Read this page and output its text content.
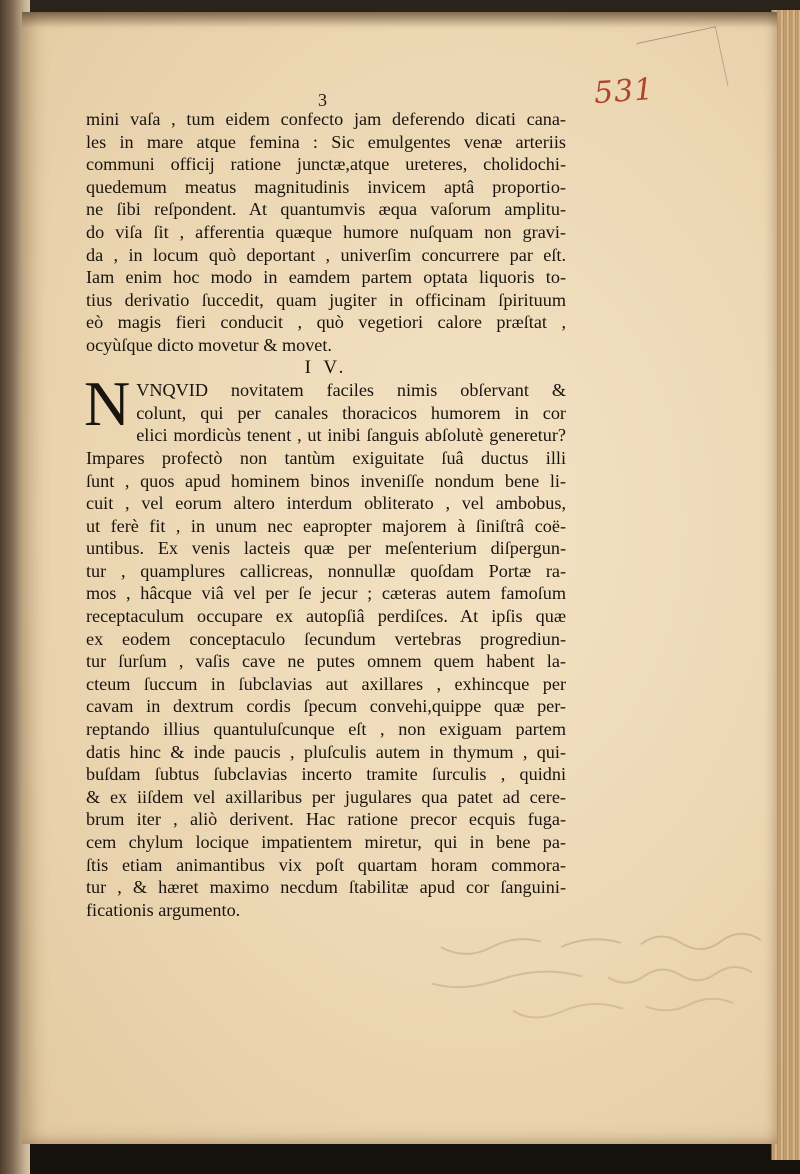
531
3
mini vaſa , tum eidem confecto jam deferendo dicati cana-
les in mare atque femina : Sic emulgentes venæ arteriis
communi officij ratione junctæ,atque ureteres, cholidochi-
quedemum meatus magnitudinis invicem aptâ proportio-
ne ſibi reſpondent. At quantumvis æqua vaſorum amplitu-
do viſa ſit , afferentia quæque humore nuſquam non gravi-
da , in locum quò deportant , univerſim concurrere par eſt.
Iam enim hoc modo in eamdem partem optata liquoris to-
tius derivatio ſuccedit, quam jugiter in officinam ſpirituum
eò magis fieri conducit , quò vegetiori calore præſtat ,
ocyùſque dicto movetur & movet.
I V.
N VNQVID novitatem faciles nimis obſervant &
colunt, qui per canales thoracicos humorem in cor
elici mordicùs tenent , ut inibi ſanguis abſolutè generetur?
Impares profectò non tantùm exiguitate ſuâ ductus illi
ſunt , quos apud hominem binos inveniſſe nondum bene li-
cuit , vel eorum altero interdum obliterato , vel ambobus,
ut ferè fit , in unum nec eapropter majorem à ſiniſtrâ coë-
untibus. Ex venis lacteis quæ per meſenterium diſpergun-
tur , quamplures callicreas, nonnullæ quoſdam Portæ ra-
mos , hâcque viâ vel per ſe jecur ; cæteras autem famoſum
receptaculum occupare ex autopſiâ perdiſces. At ipſis quæ
ex eodem conceptaculo ſecundum vertebras progrediun-
tur ſurſum , vaſis cave ne putes omnem quem habent la-
cteum ſuccum in ſubclavias aut axillares , exhincque per
cavam in dextrum cordis ſpecum convehi,quippe quæ per-
reptando illius quantuluſcunque eſt , non exiguam partem
datis hinc & inde paucis , pluſculis autem in thymum , qui-
buſdam ſubtus ſubclavias incerto tramite ſurculis , quidni
& ex iiſdem vel axillaribus per jugulares qua patet ad cere-
brum iter , aliò derivent. Hac ratione precor ecquis fuga-
cem chylum locique impatientem miretur, qui in bene pa-
ſtis etiam animantibus vix poſt quartam horam commora-
tur , & hæret maximo necdum ſtabilitæ apud cor ſanguini-
ficationis argumento.
